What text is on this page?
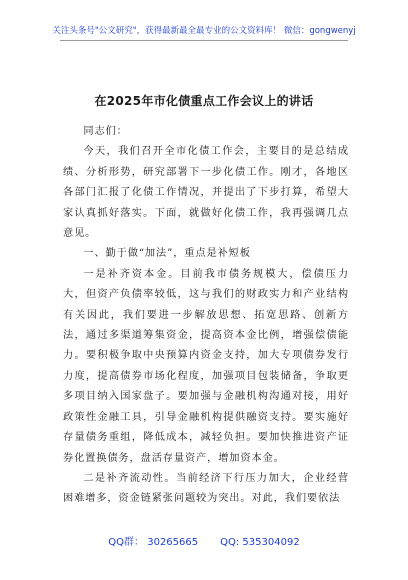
关注头条号"公文研究"，获得最新最全最专业的公文资料库！ 微信：gongwenyj
在2025年市化债重点工作会议上的讲话

同志们：

今天，我们召开全市化债工作会，主要目的是总结成绩、分析形势，研究部署下一步化债工作。刚才，各地区各部门汇报了化债工作情况，并提出了下步打算，希望大家认真抓好落实。下面，就做好化债工作，我再强调几点意见。

一、勤于做“加法”，重点是补短板

一是补齐资本金。目前我市债务规模大，偿债压力大，但资产负债率较低，这与我们的财政实力和产业结构有关因此，我们要进一步解放思想、拓宽思路、创新方法，通过多渠道筹集资金，提高资本金比例，增强偿债能力。要积极争取中央预算内资金支持，加大专项债券发行力度，提高债券市场化程度，加强项目包装储备，争取更多项目纳入国家盘子。要加强与金融机构沟通对接，用好政策性金融工具，引导金融机构提供融资支持。要实施好存量债务重组，降低成本，减轻负担。要加快推进资产证券化置换债务，盘活存量资产，增加资本金。

二是补齐流动性。当前经济下行压力加大，企业经营困难增多，资金链紧张问题较为突出。对此，我们要依法

QQ群： 30265665 QQ: 535304092
